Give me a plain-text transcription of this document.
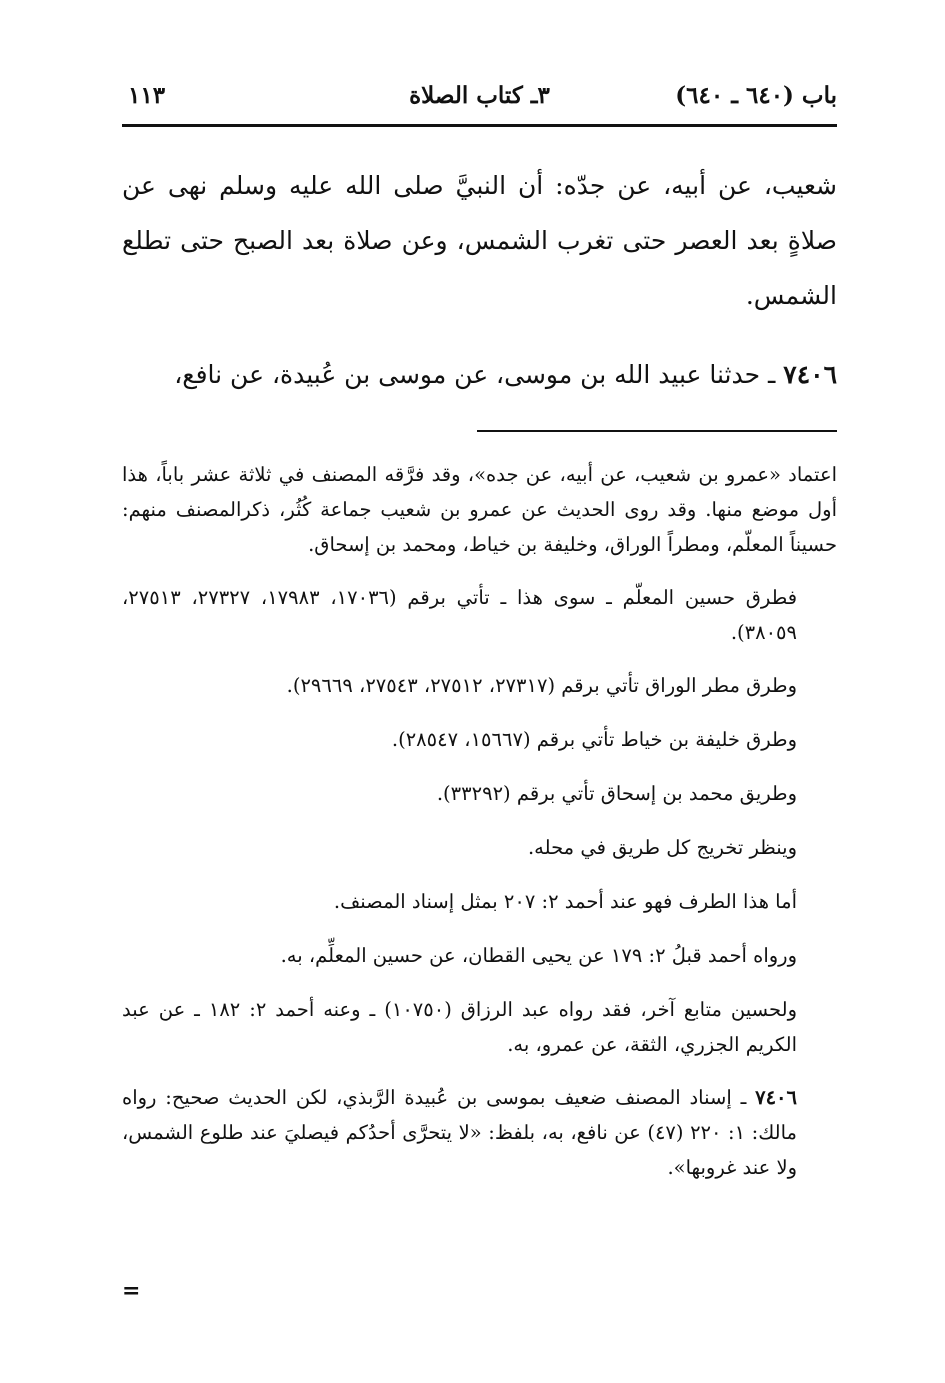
باب (٦٤٠ ـ ٦٤٠)
٣ـ كتاب الصلاة
١١٣

شعيب، عن أبيه، عن جدّه: أن النبيَّ صلى الله عليه وسلم نهى عن صلاةٍ بعد العصر حتى تغرب الشمس، وعن صلاة بعد الصبح حتى تطلع الشمس.

٧٤٠٦ ـ حدثنا عبيد الله بن موسى، عن موسى بن عُبيدة، عن نافع،

اعتماد «عمرو بن شعيب، عن أبيه، عن جده»، وقد فرَّقه المصنف في ثلاثة عشر باباً، هذا أول موضع منها. وقد روى الحديث عن عمرو بن شعيب جماعة كُثُر، ذكرالمصنف منهم: حسيناً المعلّم، ومطراً الوراق، وخليفة بن خياط، ومحمد بن إسحاق.

فطرق حسين المعلّم ـ سوى هذا ـ تأتي برقم (١٧٠٣٦، ١٧٩٨٣، ٢٧٣٢٧، ٢٧٥١٣، ٣٨٠٥٩).

وطرق مطر الوراق تأتي برقم (٢٧٣١٧، ٢٧٥١٢، ٢٧٥٤٣، ٢٩٦٦٩).

وطرق خليفة بن خياط تأتي برقم (١٥٦٦٧، ٢٨٥٤٧).

وطريق محمد بن إسحاق تأتي برقم (٣٣٢٩٢).

وينظر تخريج كل طريق في محله.

أما هذا الطرف فهو عند أحمد ٢: ٢٠٧ بمثل إسناد المصنف.

ورواه أحمد قبلُ ٢: ١٧٩ عن يحيى القطان، عن حسين المعلِّم، به.

ولحسين متابع آخر، فقد رواه عبد الرزاق (١٠٧٥٠) ـ وعنه أحمد ٢: ١٨٢ ـ عن عبد الكريم الجزري، الثقة، عن عمرو، به.

٧٤٠٦ ـ إسناد المصنف ضعيف بموسى بن عُبيدة الرَّبذي، لكن الحديث صحيح: رواه مالك: ١: ٢٢٠ (٤٧) عن نافع، به، بلفظ: «لا يتحرَّى أحدُكم فيصليَ عند طلوع الشمس، ولا عند غروبها».

=
